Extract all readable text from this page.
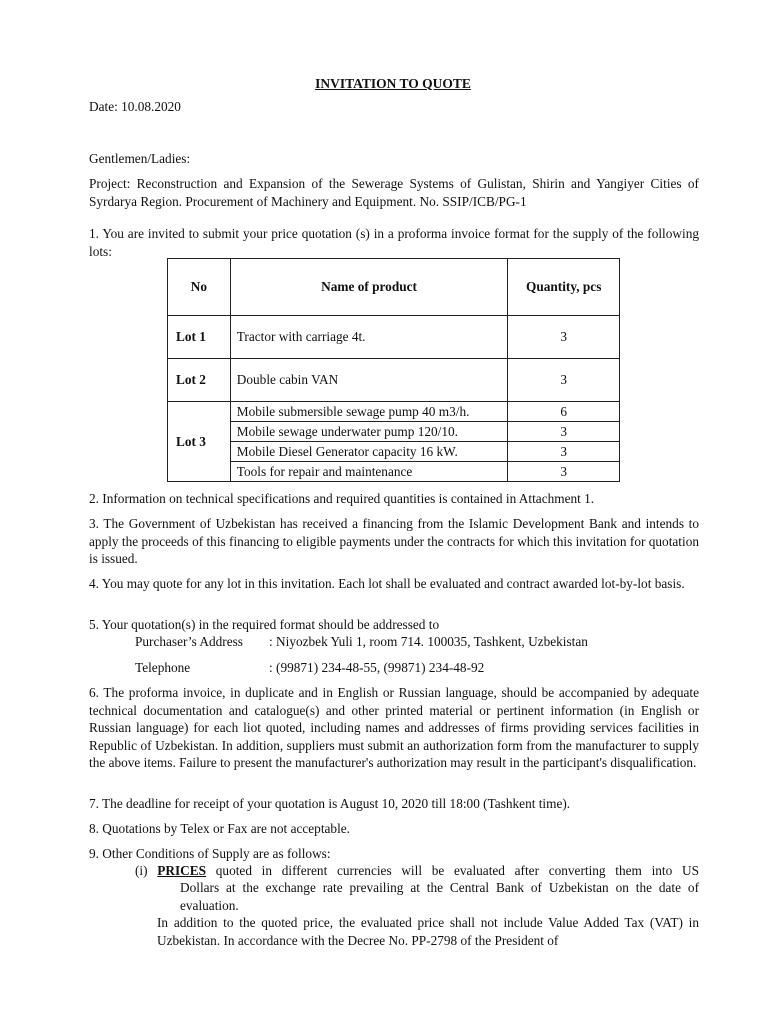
INVITATION TO QUOTE
Date: 10.08.2020
Gentlemen/Ladies:
Project: Reconstruction and Expansion of the Sewerage Systems of Gulistan, Shirin and Yangiyer Cities of Syrdarya Region. Procurement of Machinery and Equipment. No. SSIP/ICB/PG-1
1. You are invited to submit your price quotation (s) in a proforma invoice format for the supply of the following lots:
No	Name of product	Quantity, pcs
Lot 1	Tractor with carriage 4t.	3
Lot 2	Double cabin VAN	3
Lot 3	Mobile submersible sewage pump 40 m3/h.	6
	Mobile sewage underwater pump 120/10.	3
	Mobile Diesel Generator capacity 16 kW.	3
	Tools for repair and maintenance	3
2. Information on technical specifications and required quantities is contained in Attachment 1.
3. The Government of Uzbekistan has received a financing from the Islamic Development Bank and intends to apply the proceeds of this financing to eligible payments under the contracts for which this invitation for quotation is issued.
4. You may quote for any lot in this invitation. Each lot shall be evaluated and contract awarded lot-by-lot basis.
5. Your quotation(s) in the required format should be addressed to
Purchaser’s Address : Niyozbek Yuli 1, room 714. 100035, Tashkent, Uzbekistan
Telephone	: (99871) 234-48-55, (99871) 234-48-92
6. The proforma invoice, in duplicate and in English or Russian language, should be accompanied by adequate technical documentation and catalogue(s) and other printed material or pertinent information (in English or Russian language) for each liot quoted, including names and addresses of firms providing services facilities in Republic of Uzbekistan. In addition, suppliers must submit an authorization form from the manufacturer to supply the above items. Failure to present the manufacturer's authorization may result in the participant's disqualification.
7. The deadline for receipt of your quotation is August 10, 2020 till 18:00 (Tashkent time).
8. Quotations by Telex or Fax are not acceptable.
9. Other Conditions of Supply are as follows:
(i) PRICES quoted in different currencies will be evaluated after converting them into US
Dollars at the exchange rate prevailing at the Central Bank of Uzbekistan on the date of evaluation.
In addition to the quoted price, the evaluated price shall not include Value Added Tax (VAT) in Uzbekistan. In accordance with the Decree No. PP-2798 of the President of
